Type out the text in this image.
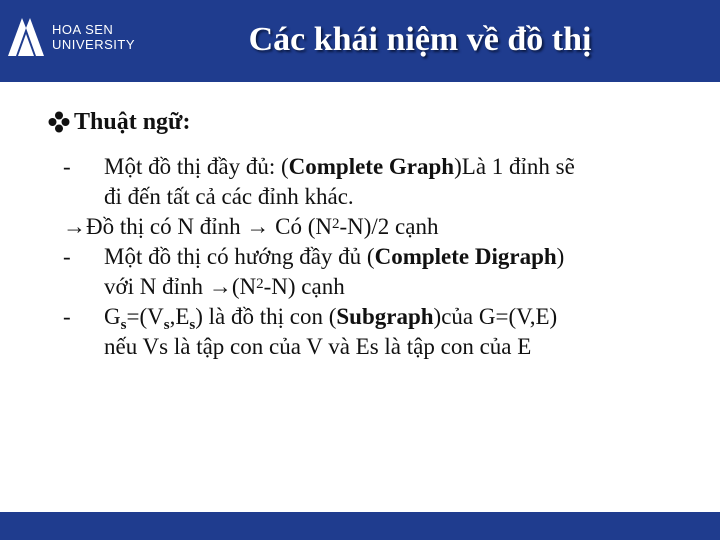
HOA SEN
UNIVERSITY	Các khái niệm về đồ thị
Thuật ngữ:
- Một đồ thị đầy đủ: (Complete Graph)Là 1 đỉnh sẽ
đi đến tất cả các đỉnh khác.
→Đồ thị có N đỉnh → Có $(N^2-N)/2$ cạnh
- Một đồ thị có hướng đầy đủ (Complete Digraph)
với N đỉnh $\to(N^2-N)$ cạnh
- $G_s=(V_s,E_s)$ là đồ thị con (Subgraph)của G=(V,E)
nếu Vs là tập con của V và Es là tập con của E
